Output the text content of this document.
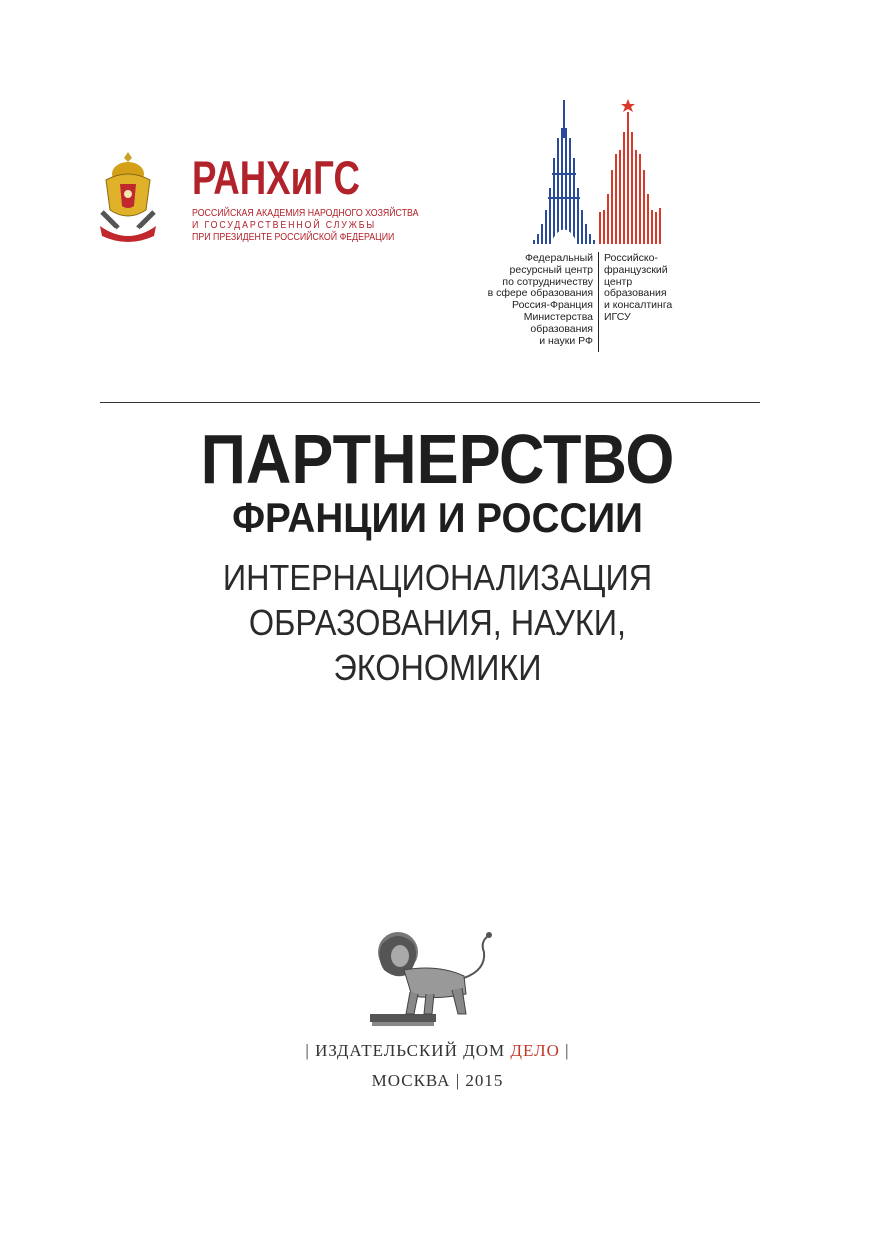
РАНХиГС
РАНХиГС
РОССИЙСКАЯ АКАДЕМИЯ НАРОДНОГО ХОЗЯЙСТВА
И ГОСУДАРСТВЕННОЙ СЛУЖБЫ
ПРИ ПРЕЗИДЕНТЕ РОССИЙСКОЙ ФЕДЕРАЦИИ
Федеральный
ресурсный центр
по сотрудничеству
в сфере образования
Россия-Франция
Министерства
образования
и науки РФ
Российско-
французский
центр
образования
и консалтинга
ИГСУ
ПАРТНЕРСТВО
ФРАНЦИИ И РОССИИ
ИНТЕРНАЦИОНАЛИЗАЦИЯ
ОБРАЗОВАНИЯ, НАУКИ,
ЭКОНОМИКИ
| ИЗДАТЕЛЬСКИЙ ДОМ ДЕЛО |
МОСКВА | 2015
